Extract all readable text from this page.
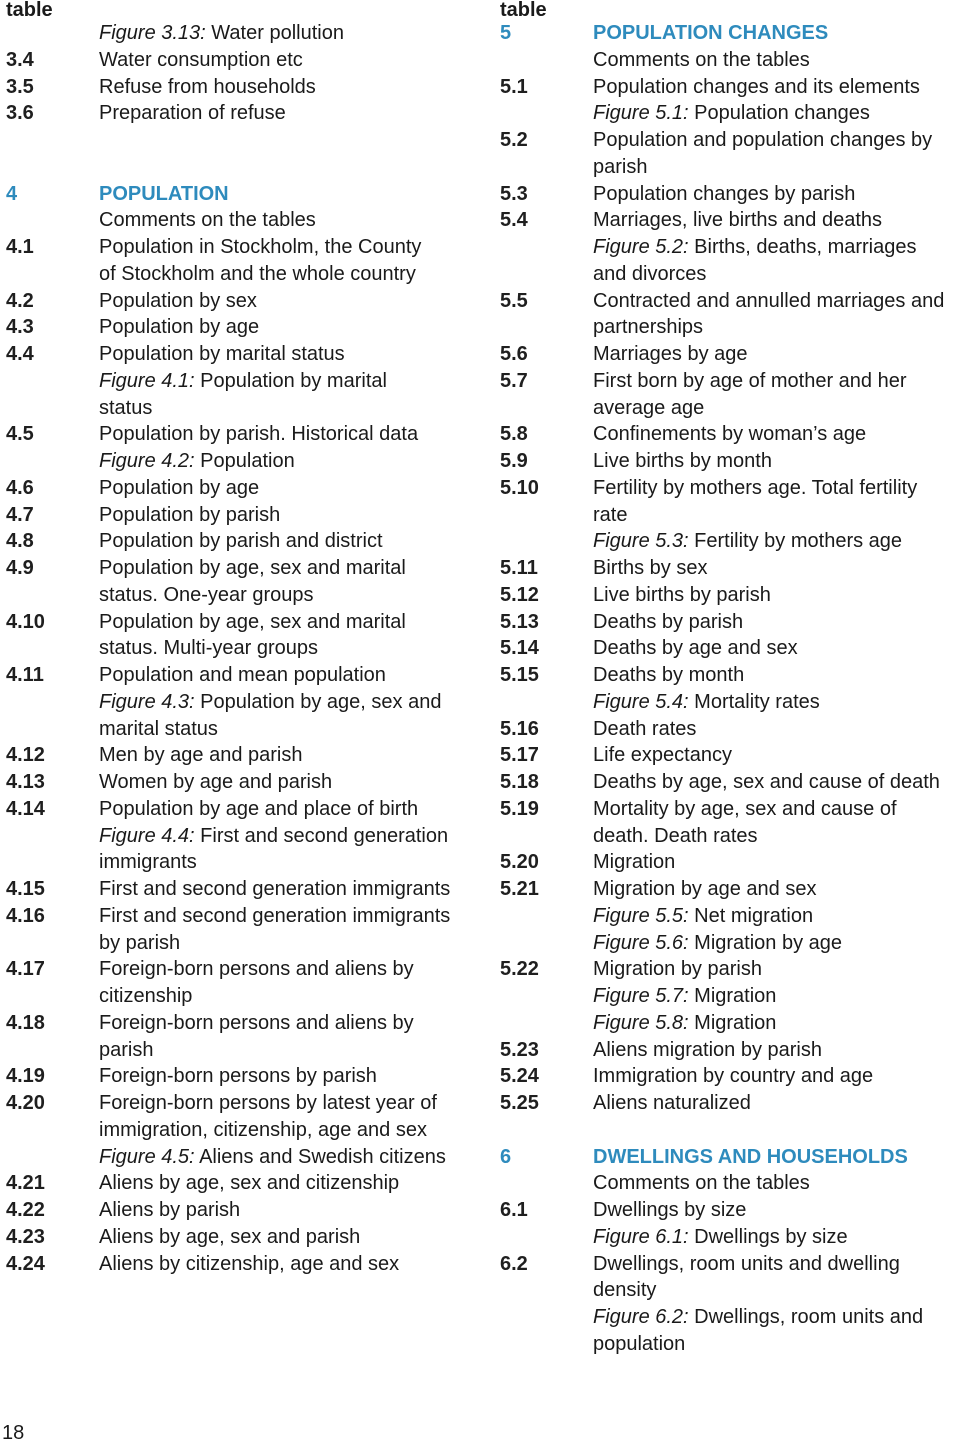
table
Figure 3.13: Water pollution
3.4	Water consumption etc
3.5	Refuse from households
3.6	Preparation of refuse
4	POPULATION
Comments on the tables
4.1	Population in Stockholm, the County
of Stockholm and the whole country
4.2	Population by sex
4.3	Population by age
4.4	Population by marital status
Figure 4.1: Population by marital
status
4.5	Population by parish. Historical data
Figure 4.2: Population
4.6	Population by age
4.7	Population by parish
4.8	Population by parish and district
4.9	Population by age, sex and marital
status. One-year groups
4.10	Population by age, sex and marital
status. Multi-year groups
4.11	Population and mean population
Figure 4.3: Population by age, sex and
marital status
4.12	Men by age and parish
4.13	Women by age and parish
4.14	Population by age and place of birth
Figure 4.4: First and second generation
immigrants
4.15	First and second generation immigrants
4.16	First and second generation immigrants
by parish
4.17	Foreign-born persons and aliens by
citizenship
4.18	Foreign-born persons and aliens by
parish
4.19	Foreign-born persons by parish
4.20	Foreign-born persons by latest year of
immigration, citizenship, age and sex
Figure 4.5: Aliens and Swedish citizens
4.21	Aliens by age, sex and citizenship
4.22	Aliens by parish
4.23	Aliens by age, sex and parish
4.24	Aliens by citizenship, age and sex
table
5	POPULATION CHANGES
Comments on the tables
5.1	Population changes and its elements
Figure 5.1: Population changes
5.2	Population and population changes by
parish
5.3	Population changes by parish
5.4	Marriages, live births and deaths
Figure 5.2: Births, deaths, marriages
and divorces
5.5	Contracted and annulled marriages and
partnerships
5.6	Marriages by age
5.7	First born by age of mother and her
average age
5.8	Confinements by woman’s age
5.9	Live births by month
5.10	Fertility by mothers age. Total fertility
rate
Figure 5.3: Fertility by mothers age
5.11	Births by sex
5.12	Live births by parish
5.13	Deaths by parish
5.14	Deaths by age and sex
5.15	Deaths by month
Figure 5.4: Mortality rates
5.16	Death rates
5.17	Life expectancy
5.18	Deaths by age, sex and cause of death
5.19	Mortality by age, sex and cause of
death. Death rates
5.20	Migration
5.21	Migration by age and sex
Figure 5.5: Net migration
Figure 5.6: Migration by age
5.22	Migration by parish
Figure 5.7: Migration
Figure 5.8: Migration
5.23	Aliens migration by parish
5.24	Immigration by country and age
5.25	Aliens naturalized
6	DWELLINGS AND HOUSEHOLDS
Comments on the tables
6.1	Dwellings by size
Figure 6.1: Dwellings by size
6.2	Dwellings, room units and dwelling
density
Figure 6.2: Dwellings, room units and
population
18
